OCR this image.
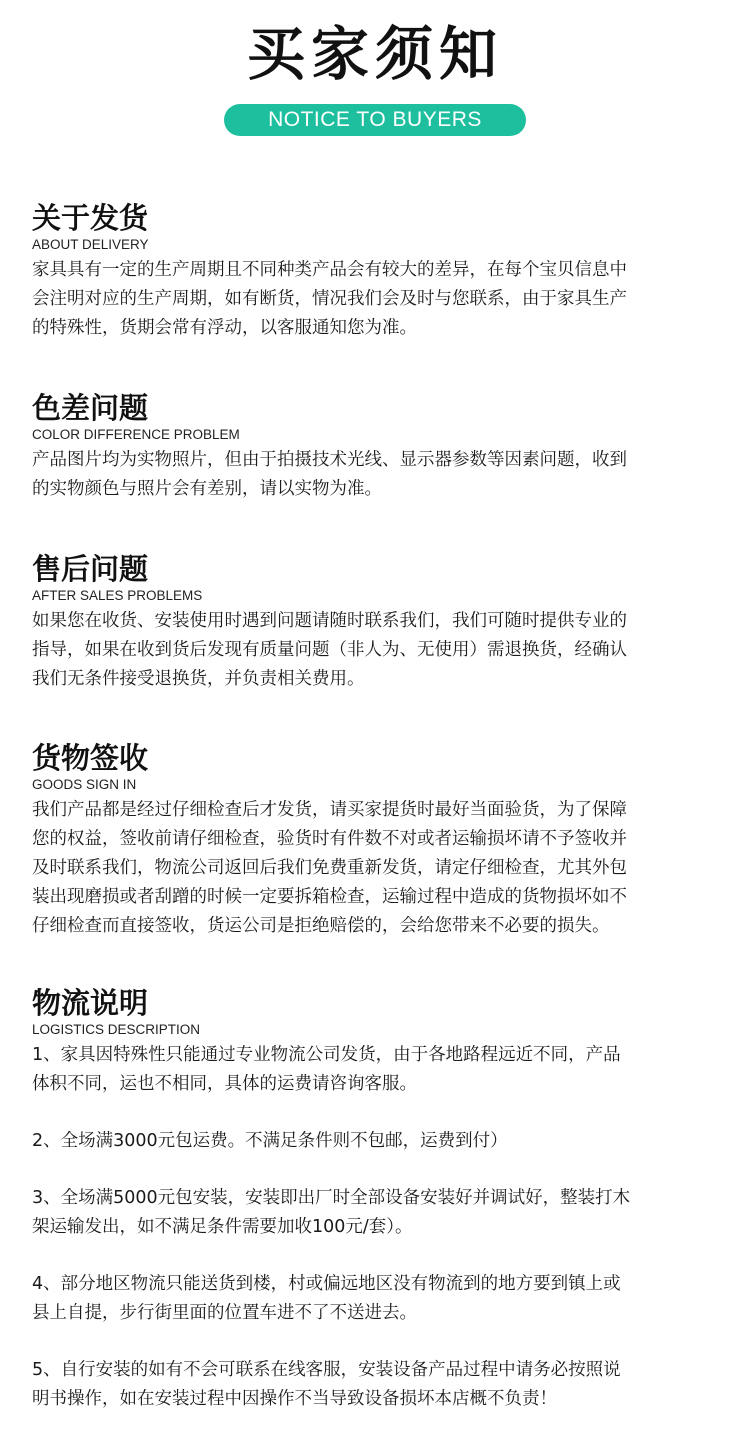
买家须知
NOTICE TO BUYERS
关于发货
ABOUT DELIVERY
家具具有一定的生产周期且不同种类产品会有较大的差异，在每个宝贝信息中
会注明对应的生产周期，如有断货，情况我们会及时与您联系，由于家具生产
的特殊性，货期会常有浮动，以客服通知您为准。
色差问题
COLOR DIFFERENCE PROBLEM
产品图片均为实物照片，但由于拍摄技术光线、显示器参数等因素问题，收到
的实物颜色与照片会有差别，请以实物为准。
售后问题
AFTER SALES PROBLEMS
如果您在收货、安装使用时遇到问题请随时联系我们，我们可随时提供专业的
指导，如果在收到货后发现有质量问题（非人为、无使用）需退换货，经确认
我们无条件接受退换货，并负责相关费用。
货物签收
GOODS SIGN IN
我们产品都是经过仔细检查后才发货，请买家提货时最好当面验货，为了保障
您的权益，签收前请仔细检查，验货时有件数不对或者运输损坏请不予签收并
及时联系我们，物流公司返回后我们免费重新发货，请定仔细检查，尤其外包
装出现磨损或者刮蹭的时候一定要拆箱检查，运输过程中造成的货物损坏如不
仔细检查而直接签收，货运公司是拒绝赔偿的，会给您带来不必要的损失。
物流说明
LOGISTICS DESCRIPTION
1、家具因特殊性只能通过专业物流公司发货，由于各地路程远近不同，产品
体积不同，运也不相同，具体的运费请咨询客服。
2、全场满3000元包运费。不满足条件则不包邮，运费到付）
3、全场满5000元包安装，安装即出厂时全部设备安装好并调试好，整装打木
架运输发出，如不满足条件需要加收100元/套）。
4、部分地区物流只能送货到楼，村或偏远地区没有物流到的地方要到镇上或
县上自提，步行街里面的位置车进不了不送进去。
5、自行安装的如有不会可联系在线客服，安装设备产品过程中请务必按照说
明书操作，如在安装过程中因操作不当导致设备损坏本店概不负责！
